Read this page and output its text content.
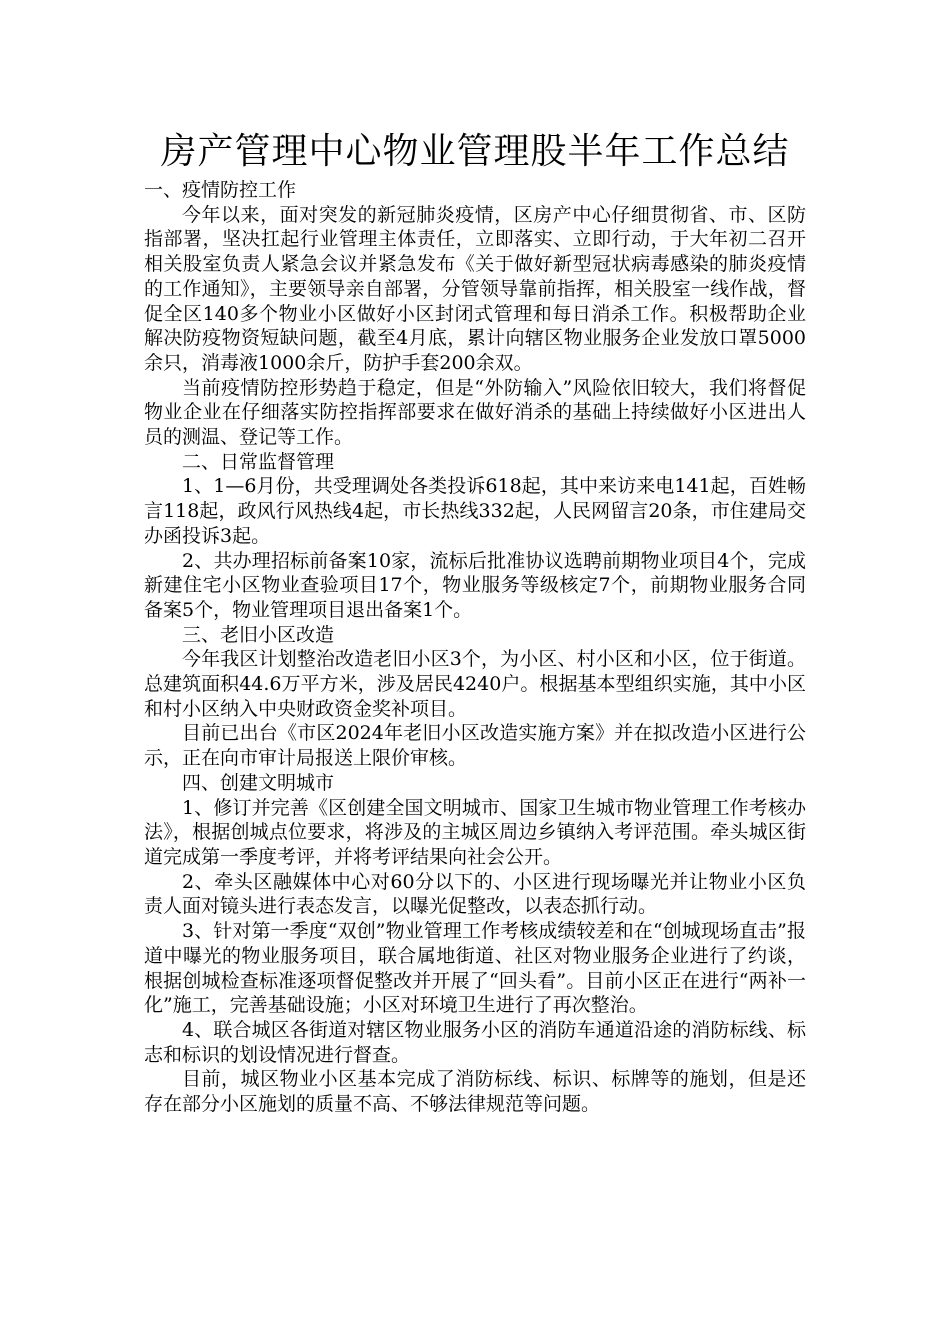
房产管理中心物业管理股半年工作总结

一、疫情防控工作

今年以来，面对突发的新冠肺炎疫情，区房产中心仔细贯彻省、市、区防指部署，坚决扛起行业管理主体责任，立即落实、立即行动，于大年初二召开相关股室负责人紧急会议并紧急发布《关于做好新型冠状病毒感染的肺炎疫情的工作通知》，主要领导亲自部署，分管领导靠前指挥，相关股室一线作战，督促全区140多个物业小区做好小区封闭式管理和每日消杀工作。积极帮助企业解决防疫物资短缺问题，截至4月底，累计向辖区物业服务企业发放口罩5000余只，消毒液1000余斤，防护手套200余双。

当前疫情防控形势趋于稳定，但是“外防输入”风险依旧较大，我们将督促物业企业在仔细落实防控指挥部要求在做好消杀的基础上持续做好小区进出人员的测温、登记等工作。

二、日常监督管理

1、1—6月份，共受理调处各类投诉618起，其中来访来电141起，百姓畅言118起，政风行风热线4起，市长热线332起，人民网留言20条，市住建局交办函投诉3起。

2、共办理招标前备案10家，流标后批准协议选聘前期物业项目4个，完成新建住宅小区物业查验项目17个，物业服务等级核定7个，前期物业服务合同备案5个，物业管理项目退出备案1个。

三、老旧小区改造

今年我区计划整治改造老旧小区3个，为小区、村小区和小区，位于街道。总建筑面积44.6万平方米，涉及居民4240户。根据基本型组织实施，其中小区和村小区纳入中央财政资金奖补项目。

目前已出台《市区2024年老旧小区改造实施方案》并在拟改造小区进行公示，正在向市审计局报送上限价审核。

四、创建文明城市

1、修订并完善《区创建全国文明城市、国家卫生城市物业管理工作考核办法》，根据创城点位要求，将涉及的主城区周边乡镇纳入考评范围。牵头城区街道完成第一季度考评，并将考评结果向社会公开。

2、牵头区融媒体中心对60分以下的、小区进行现场曝光并让物业小区负责人面对镜头进行表态发言，以曝光促整改，以表态抓行动。

3、针对第一季度“双创”物业管理工作考核成绩较差和在“创城现场直击”报道中曝光的物业服务项目，联合属地街道、社区对物业服务企业进行了约谈，根据创城检查标准逐项督促整改并开展了“回头看”。目前小区正在进行“两补一化”施工，完善基础设施；小区对环境卫生进行了再次整治。

4、联合城区各街道对辖区物业服务小区的消防车通道沿途的消防标线、标志和标识的划设情况进行督查。

目前，城区物业小区基本完成了消防标线、标识、标牌等的施划，但是还存在部分小区施划的质量不高、不够法律规范等问题。
